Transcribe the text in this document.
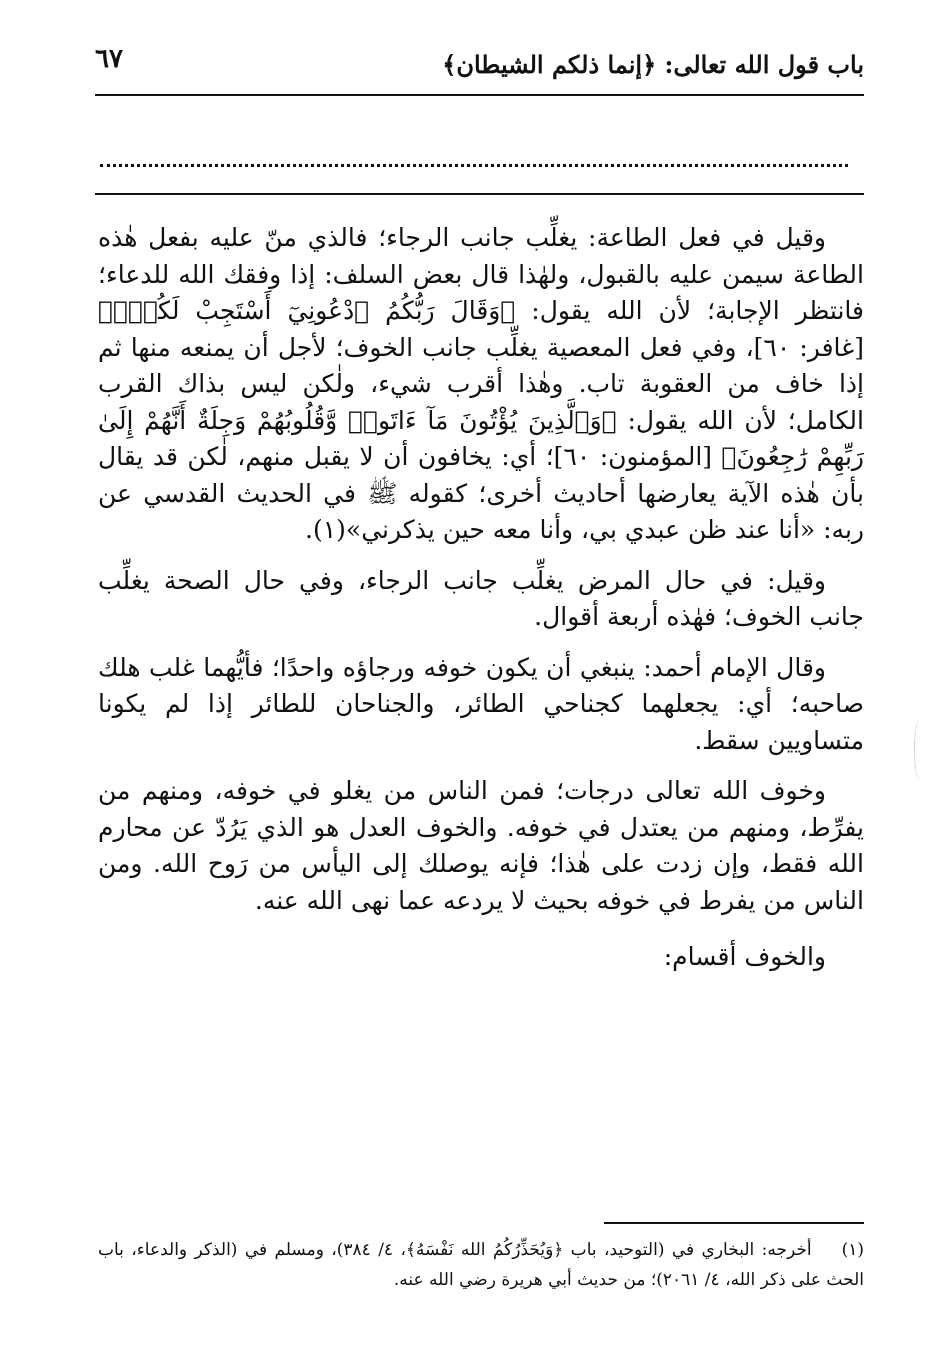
باب قول الله تعالى: ﴿إنما ذلكم الشيطان﴾
٦٧

وقيل في فعل الطاعة: يغلِّب جانب الرجاء؛ فالذي منّ عليه بفعل هٰذه الطاعة سيمن عليه بالقبول، ولهٰذا قال بعض السلف: إذا وفقك الله للدعاء؛ فانتظر الإجابة؛ لأن الله يقول: ﴿وَقَالَ رَبُّكُمُ ٱدْعُونِيٓ أَسْتَجِبْ لَكُمْۚ﴾ [غافر: ٦٠]، وفي فعل المعصية يغلِّب جانب الخوف؛ لأجل أن يمنعه منها ثم إذا خاف من العقوبة تاب. وهٰذا أقرب شيء، ولٰكن ليس بذاك القرب الكامل؛ لأن الله يقول: ﴿وَٱلَّذِينَ يُؤْتُونَ مَآ ءَاتَوا۟ وَّقُلُوبُهُمْ وَجِلَةٌ أَنَّهُمْ إِلَىٰ رَبِّهِمْ رَٰجِعُونَ﴾ [المؤمنون: ٦٠]؛ أي: يخافون أن لا يقبل منهم، لٰكن قد يقال بأن هٰذه الآية يعارضها أحاديث أخرى؛ كقوله ﷺ في الحديث القدسي عن ربه: «أنا عند ظن عبدي بي، وأنا معه حين يذكرني»(١).

وقيل: في حال المرض يغلِّب جانب الرجاء، وفي حال الصحة يغلِّب جانب الخوف؛ فهٰذه أربعة أقوال.

وقال الإمام أحمد: ينبغي أن يكون خوفه ورجاؤه واحدًا؛ فأيُّهما غلب هلك صاحبه؛ أي: يجعلهما كجناحي الطائر، والجناحان للطائر إذا لم يكونا متساويين سقط.

وخوف الله تعالى درجات؛ فمن الناس من يغلو في خوفه، ومنهم من يفرِّط، ومنهم من يعتدل في خوفه. والخوف العدل هو الذي يَرُدّ عن محارم الله فقط، وإن زدت على هٰذا؛ فإنه يوصلك إلى اليأس من رَوح الله. ومن الناس من يفرط في خوفه بحيث لا يردعه عما نهى الله عنه.

والخوف أقسام:

(١)أخرجه: البخاري في (التوحيد، باب ﴿وَيُحَذِّرُكُمُ الله نَفْسَهُ﴾، ٤/ ٣٨٤)، ومسلم في (الذكر والدعاء، باب الحث على ذكر الله، ٤/ ٢٠٦١)؛ من حديث أبي هريرة رضي الله عنه.
